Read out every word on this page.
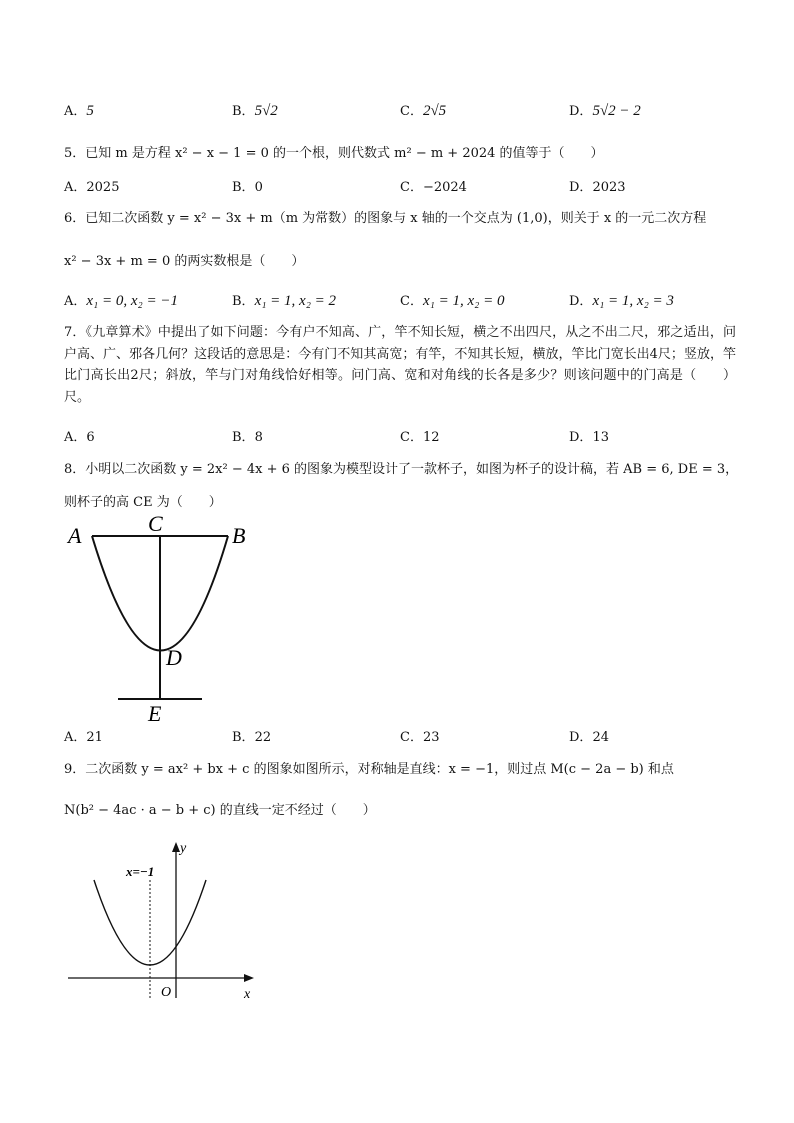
A．5	B．5√2	C．2√5	D．5√2 − 2
5．已知 m 是方程 x² − x − 1 = 0 的一个根，则代数式 m² − m + 2024 的值等于（　　）
A．2025	B．0	C．−2024	D．2023
6．已知二次函数 y = x² − 3x + m（m 为常数）的图象与 x 轴的一个交点为 (1,0)，则关于 x 的一元二次方程
x² − 3x + m = 0 的两实数根是（　　）
A．x₁ = 0, x₂ = −1	B．x₁ = 1, x₂ = 2	C．x₁ = 1, x₂ = 0	D．x₁ = 1, x₂ = 3
7．《九章算术》中提出了如下问题：今有户不知高、广，竿不知长短，横之不出四尺，从之不出二尺，邪之适出，问户高、广、邪各几何？这段话的意思是：今有门不知其高宽；有竿，不知其长短，横放，竿比门宽长出4尺；竖放，竿比门高长出2尺；斜放，竿与门对角线恰好相等。问门高、宽和对角线的长各是多少？则该问题中的门高是（　　）尺。
A．6	B．8	C．12	D．13
8．小明以二次函数 y = 2x² − 4x + 6 的图象为模型设计了一款杯子，如图为杯子的设计稿，若 AB = 6, DE = 3，
则杯子的高 CE 为（　　）
A	C	B
D
E
A．21	B．22	C．23	D．24
9．二次函数 y = ax² + bx + c 的图象如图所示，对称轴是直线：x = −1，则过点 M(c − 2a − b) 和点
N(b² − 4ac · a − b + c) 的直线一定不经过（　　）
x=−1
y
x
O
